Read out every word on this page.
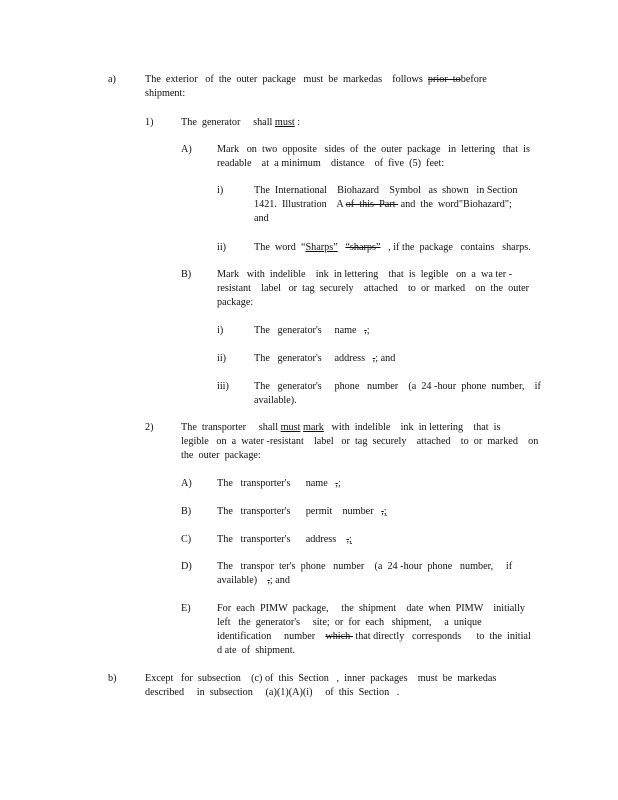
a)	The  exterior   of  the  outer  package   must  be  markedas    follows  prior  tobefore
shipment:
1)	The  generator     shall must :
A) Mark   on  two  opposite   sides  of  the  outer  package   in  lettering   that  is
readable    at  a minimum    distance    of  five  (5)  feet:
i)	The  International    Biohazard    Symbol   as  shown   in Section
1421.  Illustration    A of  this  Part  and  the  word"Biohazard";
and
ii)	The  word  “Sharps” “sharps”   , if the  package   contains   sharps.
B)	Mark   with  indelible    ink  in lettering    that  is  legible   on  a  wa ter -
resistant    label   or  tag  securely    attached    to  or  marked    on  the  outer
package:
i)	The   generator's     name   ,;
ii)	The   generator's     address   ,; and
iii) The   generator's     phone   number    (a  24 -hour  phone  number,    if
available).
2)	The  transporter     shall must mark   with  indelible    ink  in lettering    that  is
legible   on  a  water -resistant    label   or  tag  securely    attached    to  or  marked    on
the  outer  package:
A) The   transporter's      name   ,;
B)	The   transporter's      permit    number   ,;
C)	The   transporter's      address    ,;
D) The   transpor  ter's  phone   number    (a  24 -hour  phone   number,     if
available)    ,; and
E)	For  each  PIMW  package,     the  shipment    date  when  PIMW    initially
left   the  generator's     site;  or  for  each   shipment,     a  unique
identification     number    which  that directly   corresponds      to  the  initial
d ate  of  shipment.
b)	Except   for  subsection    (c) of  this  Section   ,  inner  packages    must  be  markedas
described     in  subsection     (a)(1)(A)(i)     of  this  Section   .
